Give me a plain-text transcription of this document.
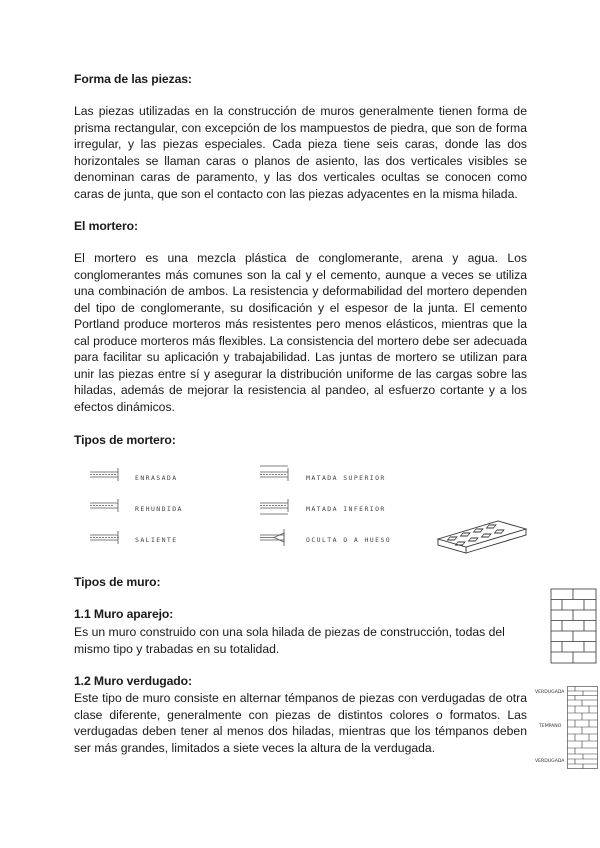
Forma de las piezas:

Las piezas utilizadas en la construcción de muros generalmente tienen forma de prisma rectangular, con excepción de los mampuestos de piedra, que son de forma irregular, y las piezas especiales. Cada pieza tiene seis caras, donde las dos horizontales se llaman caras o planos de asiento, las dos verticales visibles se denominan caras de paramento, y las dos verticales ocultas se conocen como caras de junta, que son el contacto con las piezas adyacentes en la misma hilada.

El mortero:

El mortero es una mezcla plástica de conglomerante, arena y agua. Los conglomerantes más comunes son la cal y el cemento, aunque a veces se utiliza una combinación de ambos. La resistencia y deformabilidad del mortero dependen del tipo de conglomerante, su dosificación y el espesor de la junta. El cemento Portland produce morteros más resistentes pero menos elásticos, mientras que la cal produce morteros más flexibles. La consistencia del mortero debe ser adecuada para facilitar su aplicación y trabajabilidad. Las juntas de mortero se utilizan para unir las piezas entre sí y asegurar la distribución uniforme de las cargas sobre las hiladas, además de mejorar la resistencia al pandeo, al esfuerzo cortante y a los efectos dinámicos.

Tipos de mortero:
ENRASADA
REHUNDIDA
SALIENTE
MATADA SUPERIOR
MATADA INFERIOR
OCULTA O A HUESO
Tipos de muro:
1.1 Muro aparejo:

Es un muro construido con una sola hilada de piezas de construcción, todas del mismo tipo y trabadas en su totalidad.

1.2 Muro verdugado:

Este tipo de muro consiste en alternar témpanos de piezas con verdugadas de otra clase diferente, generalmente con piezas de distintos colores o formatos. Las verdugadas deben tener al menos dos hiladas, mientras que los témpanos deben ser más grandes, limitados a siete veces la altura de la verdugada.

VERDUGADA
TEMPANO
VERDUGADA
